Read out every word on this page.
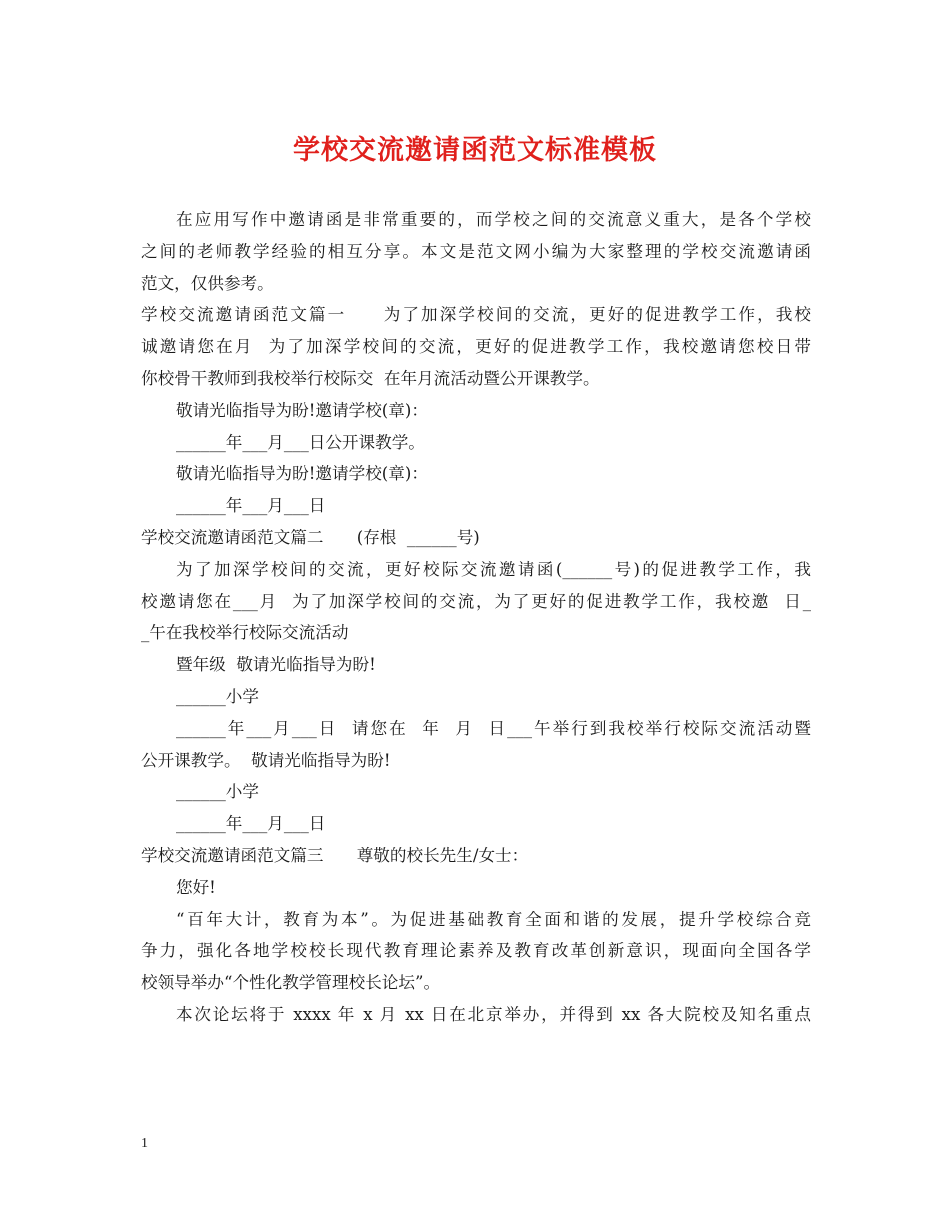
学校交流邀请函范文标准模板
在应用写作中邀请函是非常重要的，而学校之间的交流意义重大，是各个学校
之间的老师教学经验的相互分享。本文是范文网小编为大家整理的学校交流邀请函
范文，仅供参考。
学校交流邀请函范文篇一　　为了加深学校间的交流，更好的促进教学工作，我校
诚邀请您在月  为了加深学校间的交流，更好的促进教学工作，我校邀请您校日带
你校骨干教师到我校举行校际交  在年月流活动暨公开课教学。
敬请光临指导为盼!邀请学校(章)：
______年___月___日公开课教学。
敬请光临指导为盼!邀请学校(章)：
______年___月___日
学校交流邀请函范文篇二　　(存根  ______号)
为了加深学校间的交流，更好校际交流邀请函(______号)的促进教学工作，我
校邀请您在___月  为了加深学校间的交流，为了更好的促进教学工作，我校邀  日_
_午在我校举行校际交流活动
暨年级  敬请光临指导为盼!
______小学
______年___月___日  请您在  年  月  日___午举行到我校举行校际交流活动暨
公开课教学。  敬请光临指导为盼!
______小学
______年___月___日
学校交流邀请函范文篇三　　尊敬的校长先生/女士：
您好!
“百年大计，教育为本”。为促进基础教育全面和谐的发展，提升学校综合竞
争力，强化各地学校校长现代教育理论素养及教育改革创新意识，现面向全国各学
校领导举办“个性化教学管理校长论坛”。
本次论坛将于 xxxx 年 x 月 xx 日在北京举办，并得到 xx 各大院校及知名重点
1
